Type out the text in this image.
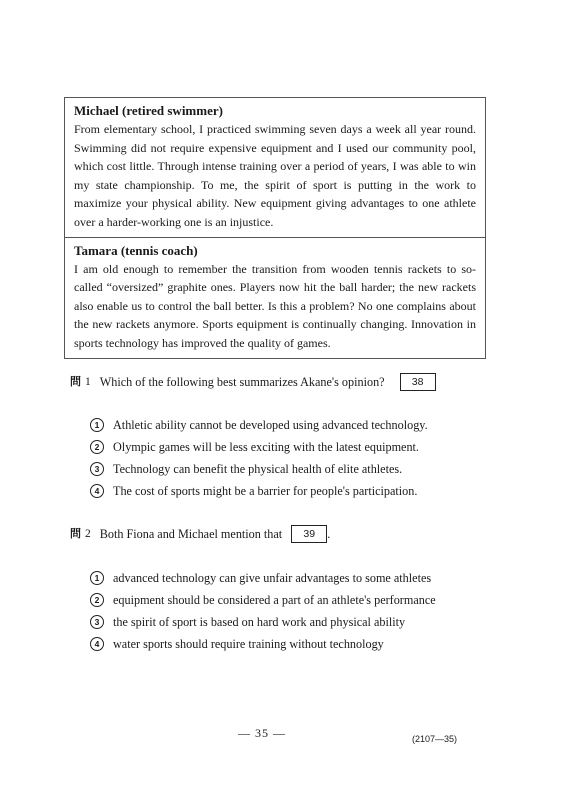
Michael (retired swimmer)

From elementary school, I practiced swimming seven days a week all year round. Swimming did not require expensive equipment and I used our community pool, which cost little. Through intense training over a period of years, I was able to win my state championship. To me, the spirit of sport is putting in the work to maximize your physical ability. New equipment giving advantages to one athlete over a harder-working one is an injustice.

Tamara (tennis coach)

I am old enough to remember the transition from wooden tennis rackets to so-called “oversized” graphite ones. Players now hit the ball harder; the new rackets also enable us to control the ball better. Is this a problem? No one complains about the new rackets anymore. Sports equipment is continually changing. Innovation in sports technology has improved the quality of games.

問 1 Which of the following best summarizes Akane's opinion?	38
1	Athletic ability cannot be developed using advanced technology.
2	Olympic games will be less exciting with the latest equipment.
3	Technology can benefit the physical health of elite athletes.
4	The cost of sports might be a barrier for people's participation.
問 2 Both Fiona and Michael mention that	39 .
1	advanced technology can give unfair advantages to some athletes
2	equipment should be considered a part of an athlete's performance
3	the spirit of sport is based on hard work and physical ability
4	water sports should require training without technology
— 35 —	(2107—35)
